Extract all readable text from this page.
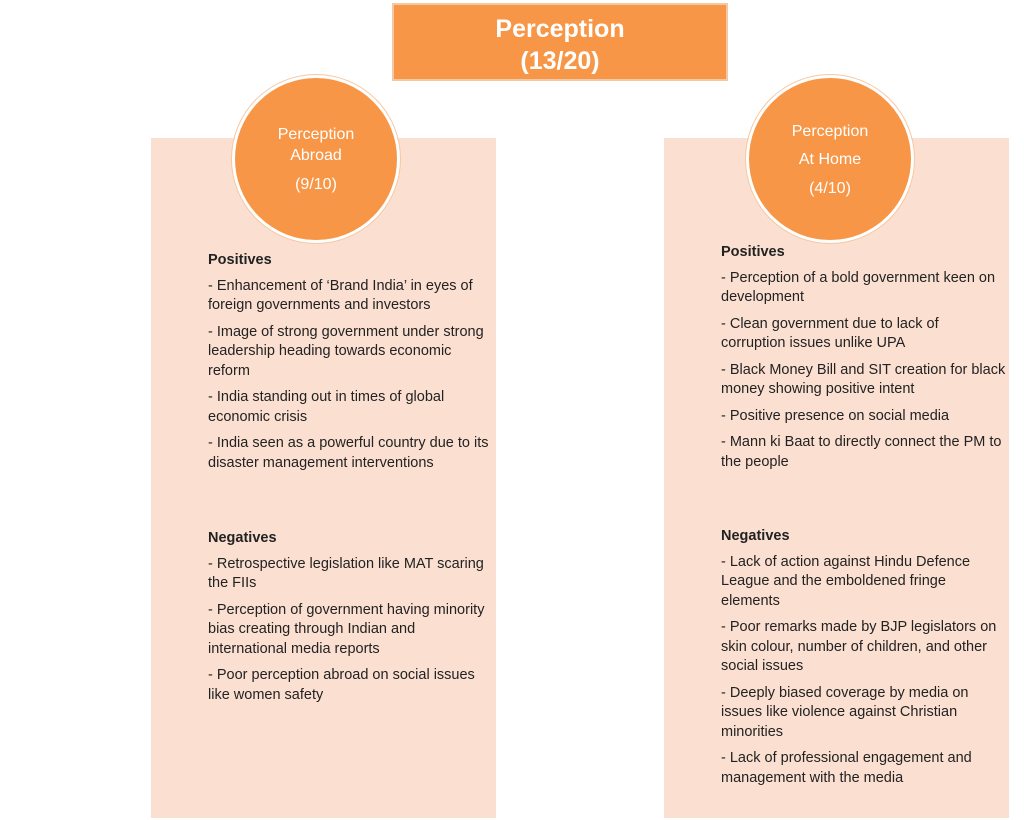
Perception
(13/20)
Perception
Abroad
(9/10)
Perception
At Home
(4/10)
Positives
- Enhancement of ‘Brand India’ in eyes of foreign governments and investors
- Image of strong government under strong leadership heading towards economic reform
- India standing out in times of global economic crisis
- India seen as a powerful country due to its disaster management interventions
Negatives
- Retrospective legislation like MAT scaring the FIIs
- Perception of government having minority bias creating through Indian and international media reports
- Poor perception abroad on social issues like women safety
Positives
- Perception of a bold government keen on development
- Clean government due to lack of corruption issues unlike UPA
- Black Money Bill and SIT creation for black money showing positive intent
- Positive presence on social media
- Mann ki Baat to directly connect the PM to the people
Negatives
- Lack of action against Hindu Defence League and the emboldened fringe elements
- Poor remarks made by BJP legislators on skin colour, number of children, and other social issues
- Deeply biased coverage by media on issues like violence against Christian minorities
- Lack of professional engagement and management with the media
